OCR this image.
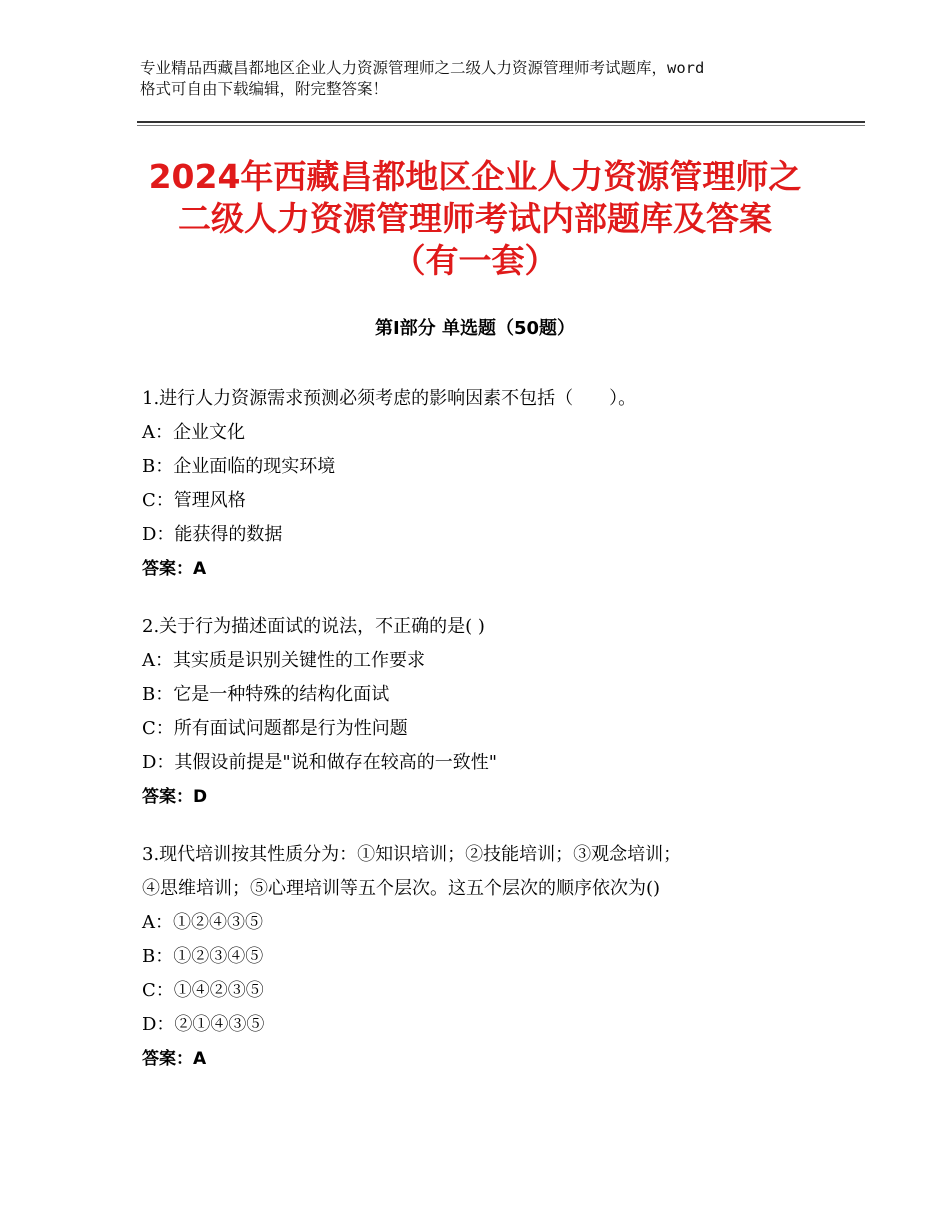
专业精品西藏昌都地区企业人力资源管理师之二级人力资源管理师考试题库，word
格式可自由下载编辑，附完整答案！
2024年西藏昌都地区企业人力资源管理师之
二级人力资源管理师考试内部题库及答案
（有一套）
第Ⅰ部分 单选题（50题）
1.进行人力资源需求预测必须考虑的影响因素不包括（　　）。
A：企业文化
B：企业面临的现实环境
C：管理风格
D：能获得的数据
答案：A
2.关于行为描述面试的说法，不正确的是( )
A：其实质是识别关键性的工作要求
B：它是一种特殊的结构化面试
C：所有面试问题都是行为性问题
D：其假设前提是"说和做存在较高的一致性"
答案：D
3.现代培训按其性质分为：①知识培训；②技能培训；③观念培训；
④思维培训；⑤心理培训等五个层次。这五个层次的顺序依次为()
A：①②④③⑤
B：①②③④⑤
C：①④②③⑤
D：②①④③⑤
答案：A
